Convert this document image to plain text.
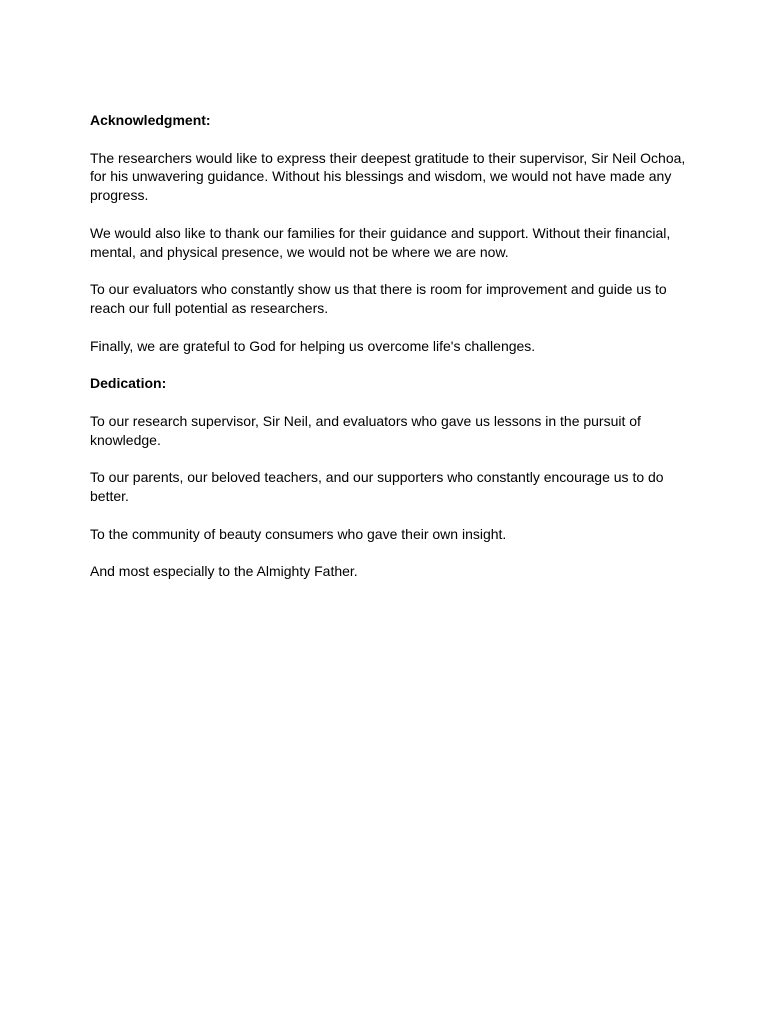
Acknowledgment:

The researchers would like to express their deepest gratitude to their supervisor, Sir Neil Ochoa, for his unwavering guidance. Without his blessings and wisdom, we would not have made any progress.

We would also like to thank our families for their guidance and support. Without their financial, mental, and physical presence, we would not be where we are now.

To our evaluators who constantly show us that there is room for improvement and guide us to reach our full potential as researchers.

Finally, we are grateful to God for helping us overcome life's challenges.

Dedication:

To our research supervisor, Sir Neil, and evaluators who gave us lessons in the pursuit of knowledge.

To our parents, our beloved teachers, and our supporters who constantly encourage us to do better.

To the community of beauty consumers who gave their own insight.

And most especially to the Almighty Father.
